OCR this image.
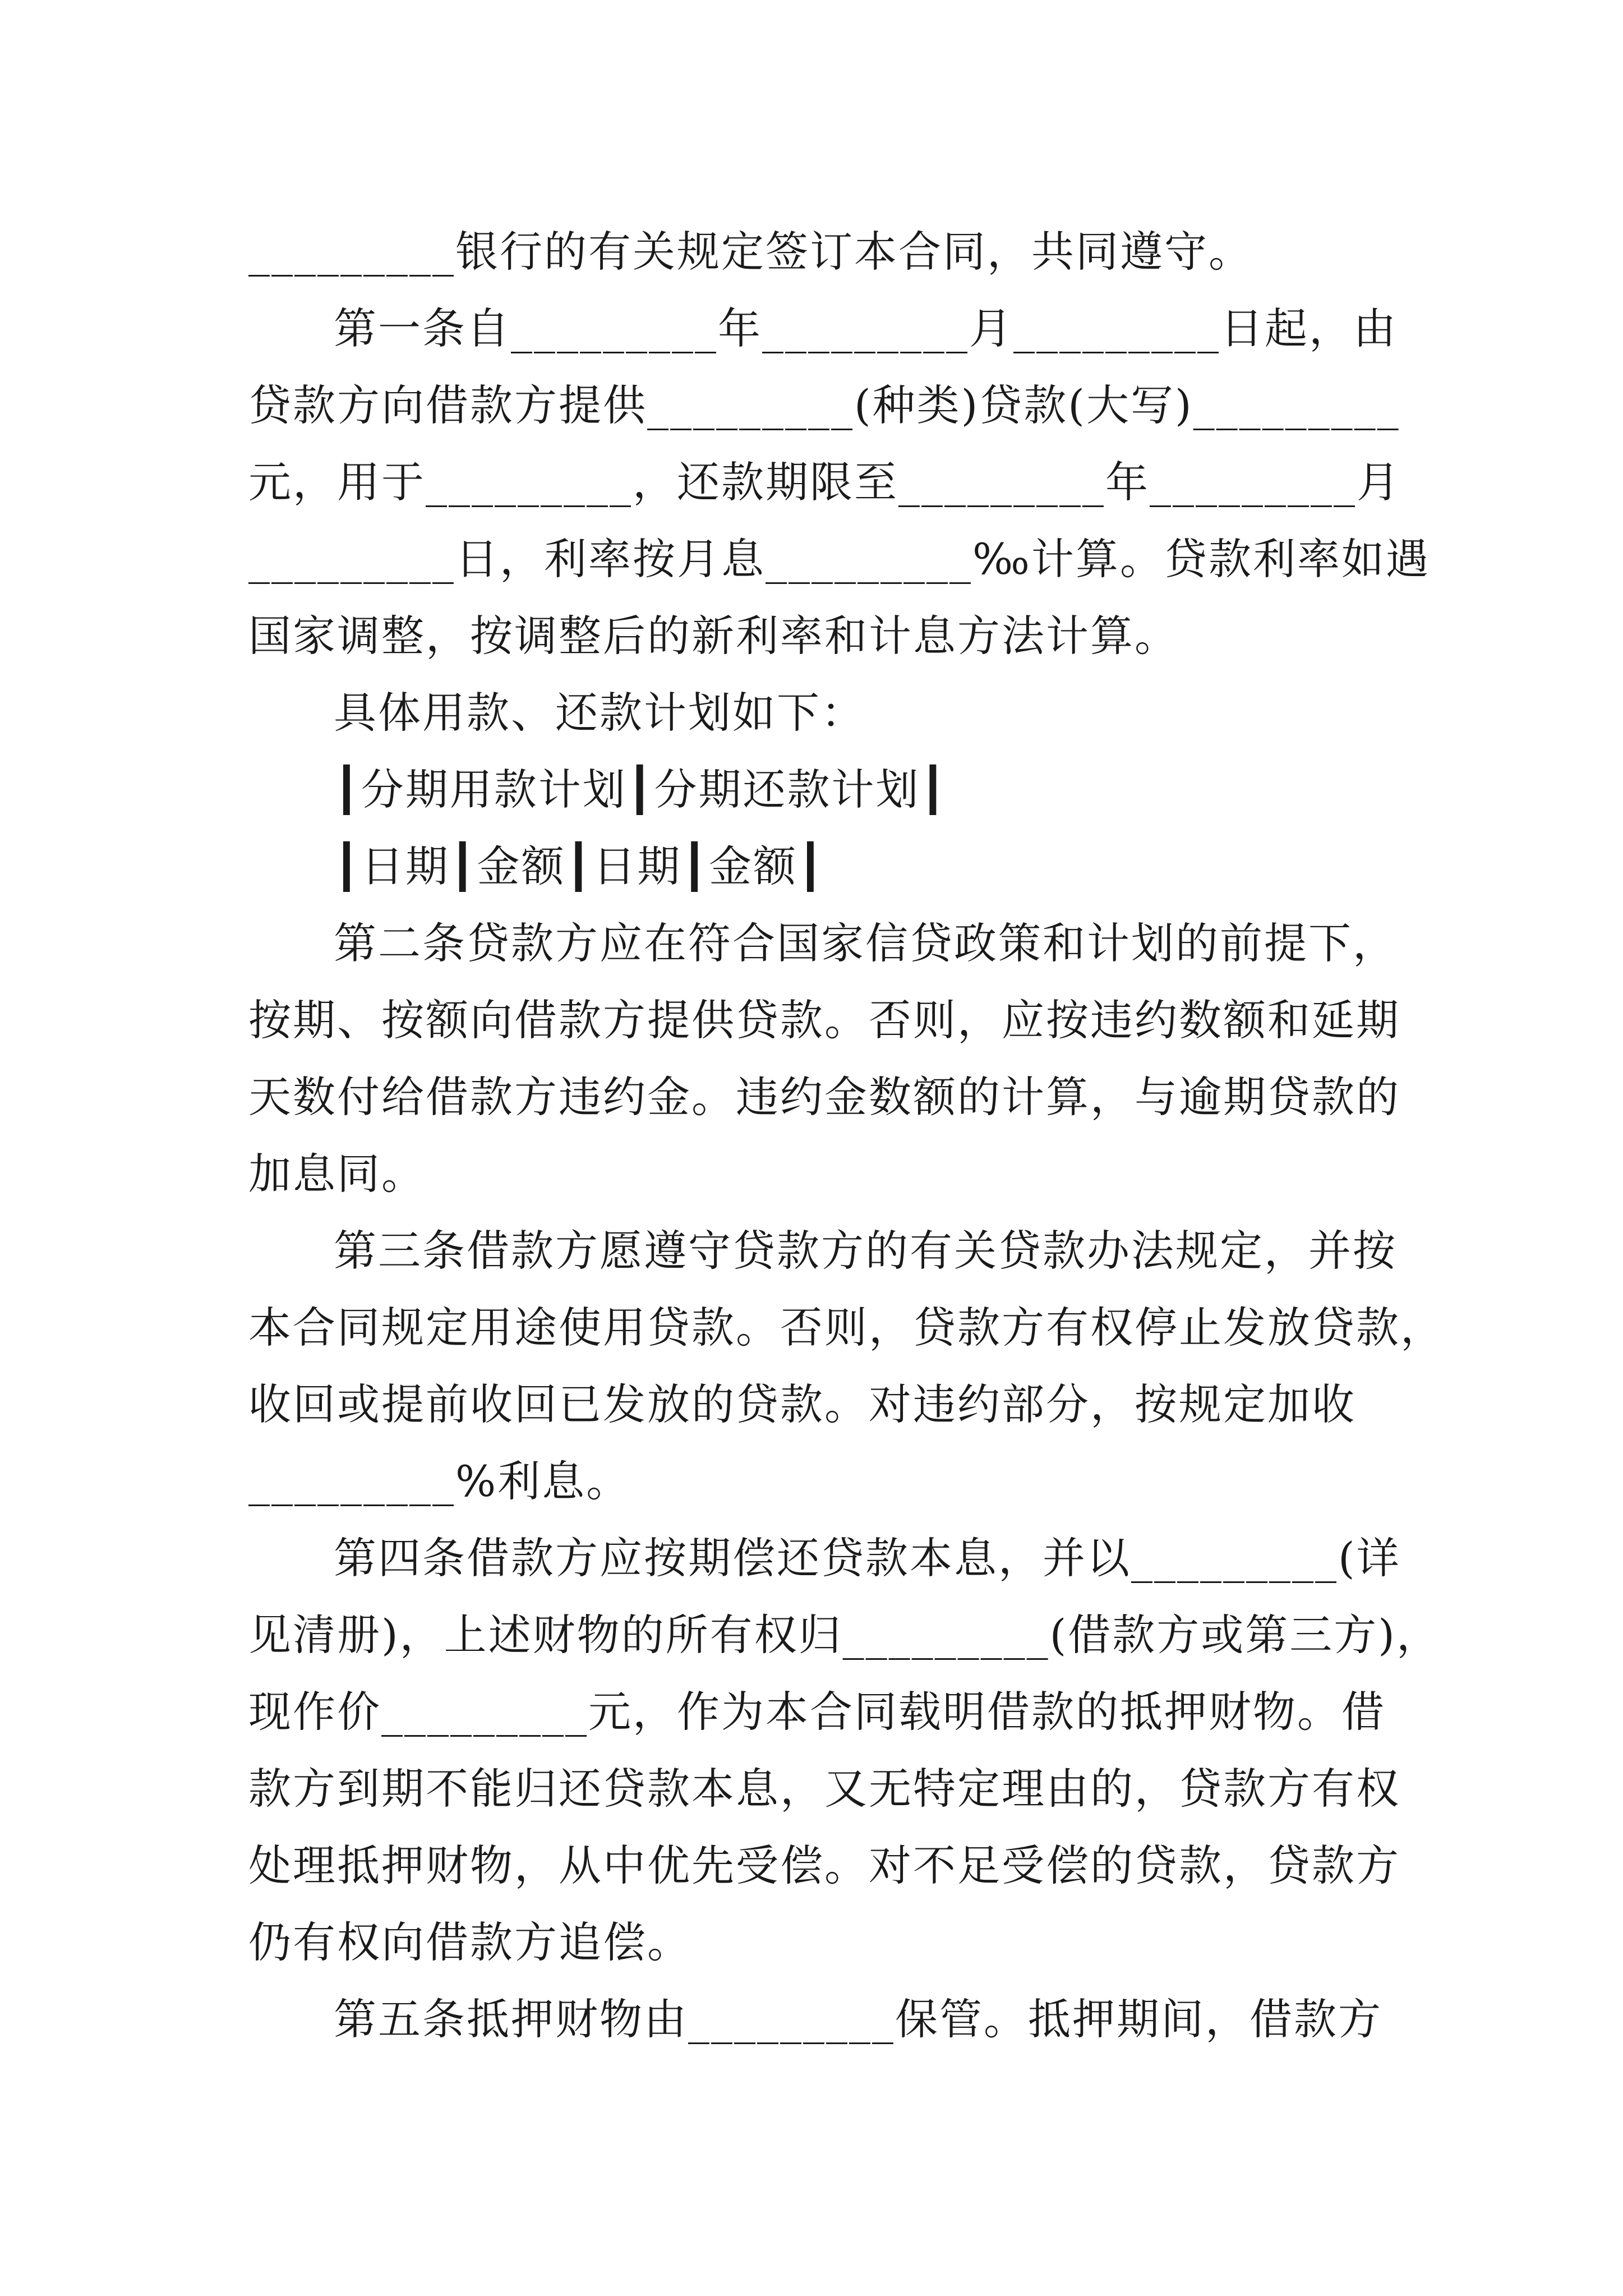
_________银行的有关规定签订本合同，共同遵守。
第一条自_________年_________月_________日起，由
贷款方向借款方提供_________(种类)贷款(大写)_________
元，用于_________，还款期限至_________年_________月
_________日，利率按月息_________‰计算。贷款利率如遇
国家调整，按调整后的新利率和计息方法计算。
具体用款、还款计划如下：
┃分期用款计划┃分期还款计划┃
┃日期┃金额┃日期┃金额┃
第二条贷款方应在符合国家信贷政策和计划的前提下，
按期、按额向借款方提供贷款。否则，应按违约数额和延期
天数付给借款方违约金。违约金数额的计算，与逾期贷款的
加息同。
第三条借款方愿遵守贷款方的有关贷款办法规定，并按
本合同规定用途使用贷款。否则，贷款方有权停止发放贷款，
收回或提前收回已发放的贷款。对违约部分，按规定加收
_________%利息。
第四条借款方应按期偿还贷款本息，并以_________(详
见清册)，上述财物的所有权归_________(借款方或第三方)，
现作价_________元，作为本合同载明借款的抵押财物。借
款方到期不能归还贷款本息，又无特定理由的，贷款方有权
处理抵押财物，从中优先受偿。对不足受偿的贷款，贷款方
仍有权向借款方追偿。
第五条抵押财物由_________保管。抵押期间，借款方
